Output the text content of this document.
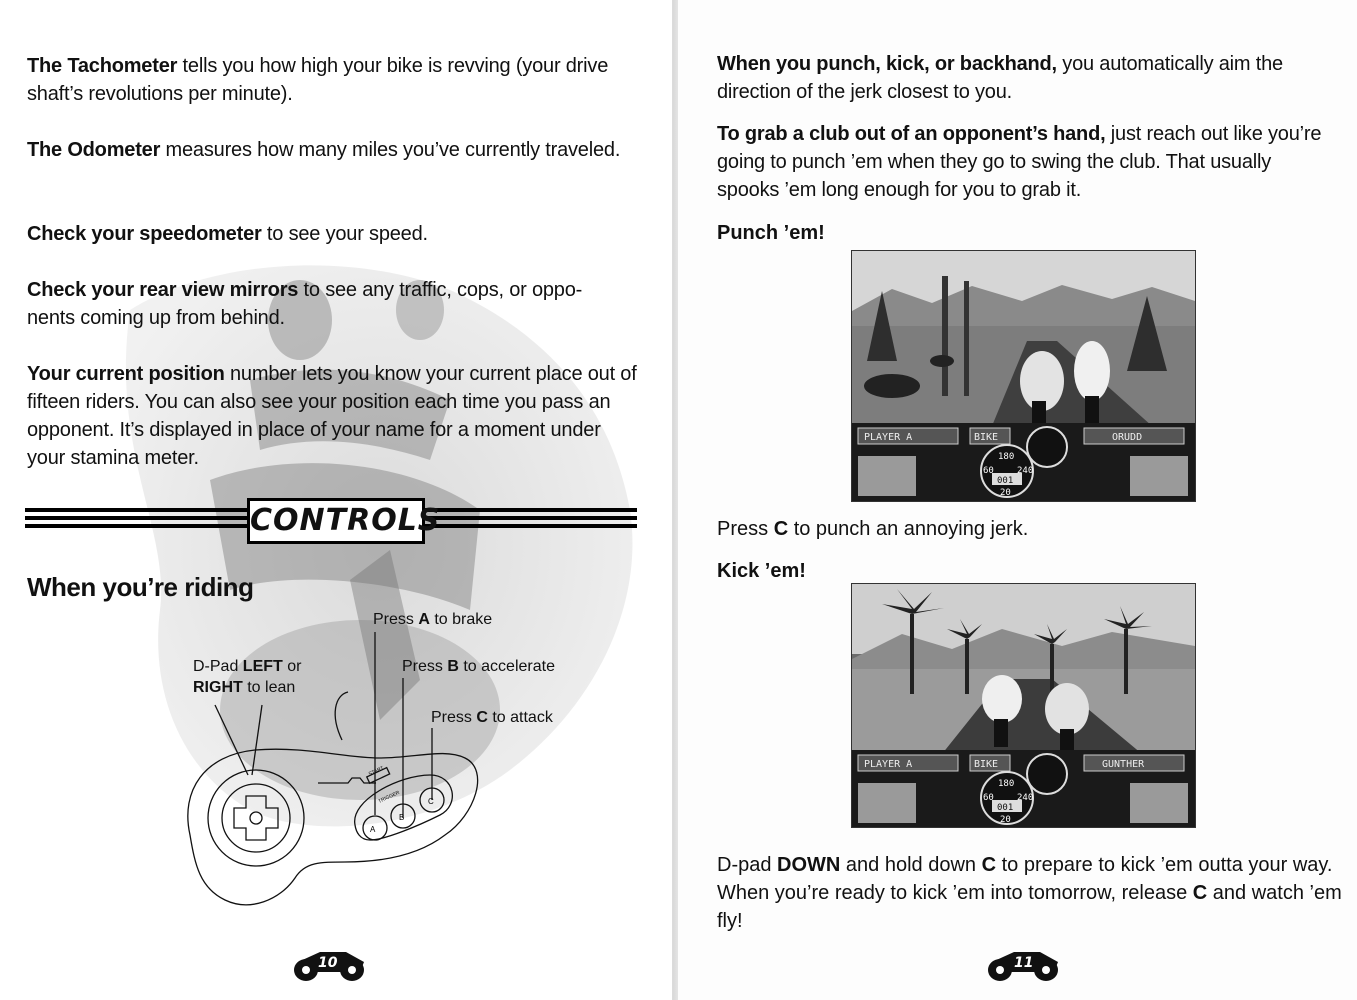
The Tachometer tells you how high your bike is revving (your drive shaft’s revolutions per minute).

The Odometer measures how many miles you’ve currently traveled.

Check your speedometer to see your speed.

Check your rear view mirrors to see any traffic, cops, or oppo-nents coming up from behind.

Your current position number lets you know your current place out of fifteen riders. You can also see your position each time you pass an opponent. It’s displayed in place of your name for a moment under your stamina meter.

CONTROLS
When you’re riding
Press A to brake
Press B to accelerate
Press C to attack
D-Pad LEFT or
RIGHT to lean
A
B
C
START
TRIGGER
10

When you punch, kick, or backhand, you automatically aim the direction of the jerk closest to you.

To grab a club out of an opponent’s hand, just reach out like you’re going to punch ’em when they go to swing the club. That usually spooks ’em long enough for you to grab it.

Punch ’em!
PLAYER A	BIKE	ORUDD
180
60	240
001
20

Press C to punch an annoying jerk.

Kick ’em!
PLAYER A	BIKE	GUNTHER
180
60	240
001
20

D-pad DOWN and hold down C to prepare to kick ’em outta your way. When you’re ready to kick ’em into tomorrow, release C and watch ’em fly!

11
